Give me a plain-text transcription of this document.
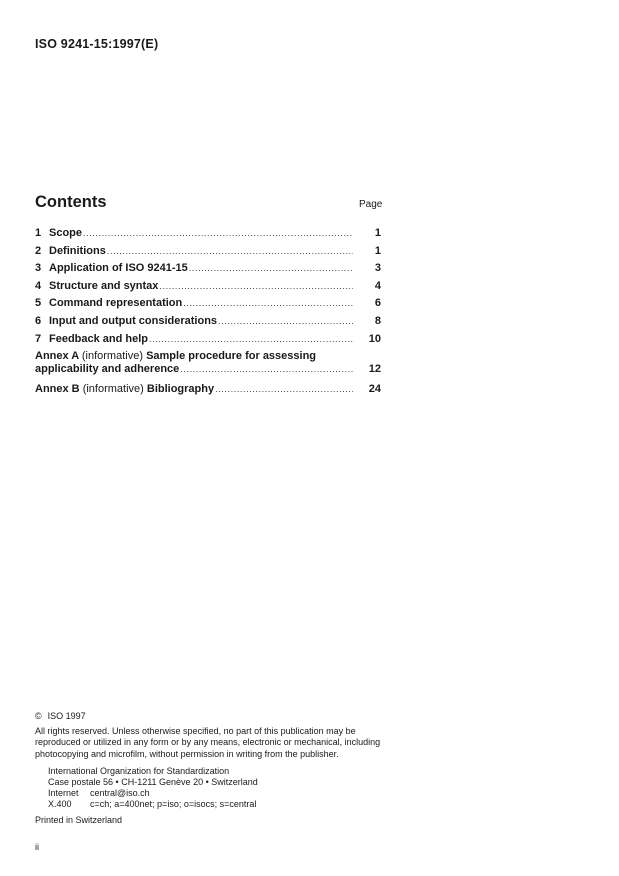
ISO 9241-15:1997(E)
Contents	Page
1 Scope .....	1
2 Definitions .....	1
3 Application of ISO 9241-15 .....	3
4 Structure and syntax .....	4
5 Command representation .....	6
6 Input and output considerations .....	8
7 Feedback and help .....	10
Annex A (informative) Sample procedure for assessing
applicability and adherence .....	12
Annex B (informative) Bibliography .....	24
© ISO 1997
All rights reserved. Unless otherwise specified, no part of this publication may be reproduced or utilized in any form or by any means, electronic or mechanical, including photocopying and microfilm, without permission in writing from the publisher.
International Organization for Standardization
Case postale 56 • CH-1211 Genève 20 • Switzerland
Internet	central@iso.ch
X.400	c=ch; a=400net; p=iso; o=isocs; s=central
Printed in Switzerland
ii
